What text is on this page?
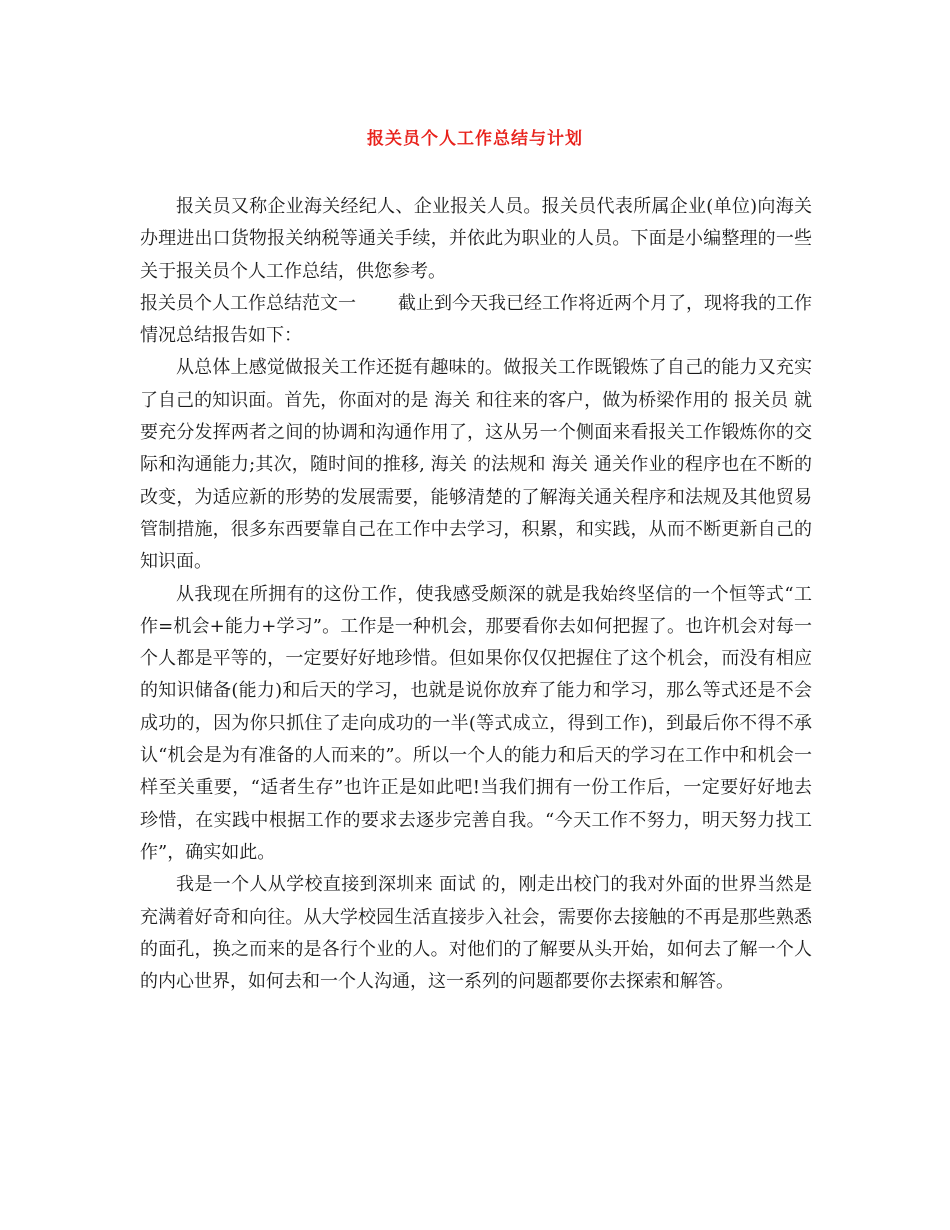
报关员个人工作总结与计划

报关员又称企业海关经纪人、企业报关人员。报关员代表所属企业(单位)向海关办理进出口货物报关纳税等通关手续，并依此为职业的人员。下面是小编整理的一些关于报关员个人工作总结，供您参考。

报关员个人工作总结范文一 截止到今天我已经工作将近两个月了，现将我的工作情况总结报告如下：

从总体上感觉做报关工作还挺有趣味的。做报关工作既锻炼了自己的能力又充实了自己的知识面。首先，你面对的是 海关 和往来的客户，做为桥梁作用的 报关员 就要充分发挥两者之间的协调和沟通作用了，这从另一个侧面来看报关工作锻炼你的交际和沟通能力;其次，随时间的推移, 海关 的法规和 海关 通关作业的程序也在不断的改变，为适应新的形势的发展需要，能够清楚的了解海关通关程序和法规及其他贸易管制措施，很多东西要靠自己在工作中去学习，积累，和实践，从而不断更新自己的知识面。

从我现在所拥有的这份工作，使我感受颇深的就是我始终坚信的一个恒等式“工作=机会+能力+学习”。工作是一种机会，那要看你去如何把握了。也许机会对每一个人都是平等的，一定要好好地珍惜。但如果你仅仅把握住了这个机会，而没有相应的知识储备(能力)和后天的学习，也就是说你放弃了能力和学习，那么等式还是不会成功的，因为你只抓住了走向成功的一半(等式成立，得到工作)，到最后你不得不承认“机会是为有准备的人而来的”。所以一个人的能力和后天的学习在工作中和机会一样至关重要，“适者生存”也许正是如此吧!当我们拥有一份工作后，一定要好好地去珍惜，在实践中根据工作的要求去逐步完善自我。“今天工作不努力，明天努力找工作”，确实如此。

我是一个人从学校直接到深圳来 面试 的，刚走出校门的我对外面的世界当然是充满着好奇和向往。从大学校园生活直接步入社会，需要你去接触的不再是那些熟悉的面孔，换之而来的是各行个业的人。对他们的了解要从头开始，如何去了解一个人的内心世界，如何去和一个人沟通，这一系列的问题都要你去探索和解答。
